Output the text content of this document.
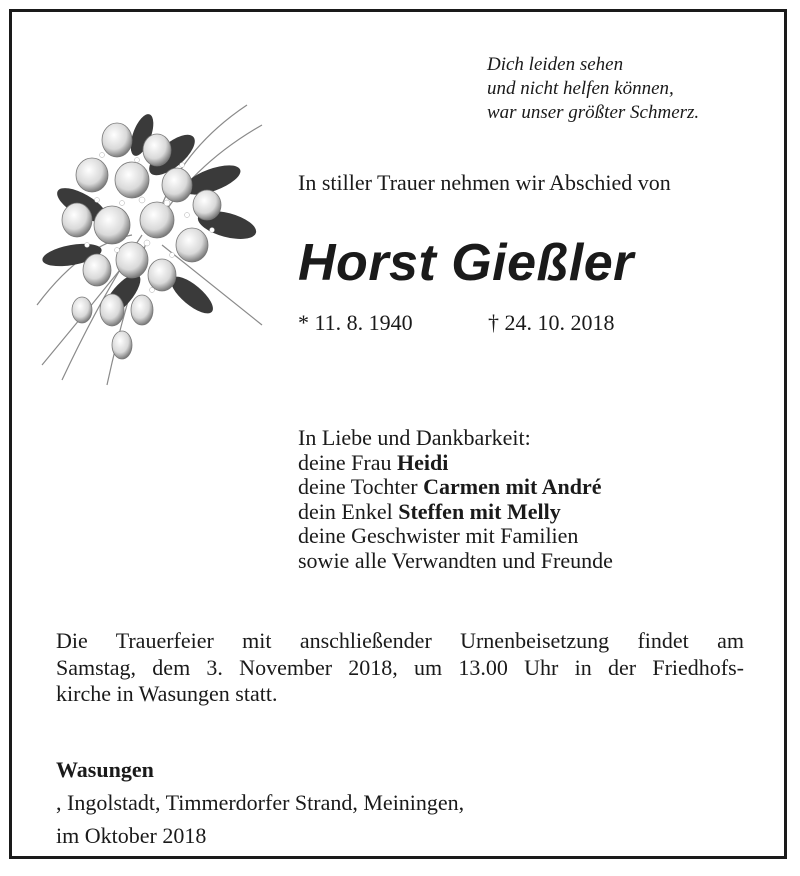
Dich leiden sehen
und nicht helfen können,
war unser größter Schmerz.
In stiller Trauer nehmen wir Abschied von
Horst Gießler
* 11. 8. 1940	† 24. 10. 2018
In Liebe und Dankbarkeit:
deine Frau Heidi
deine Tochter Carmen mit André
dein Enkel Steffen mit Melly
deine Geschwister mit Familien
sowie alle Verwandten und Freunde
Die Trauerfeier mit anschließender Urnenbeisetzung findet am
Samstag, dem 3. November 2018, um 13.00 Uhr in der Friedhofs-
kirche in Wasungen statt.
Wasungen
, Ingolstadt, Timmerdorfer Strand, Meiningen,
im Oktober 2018
